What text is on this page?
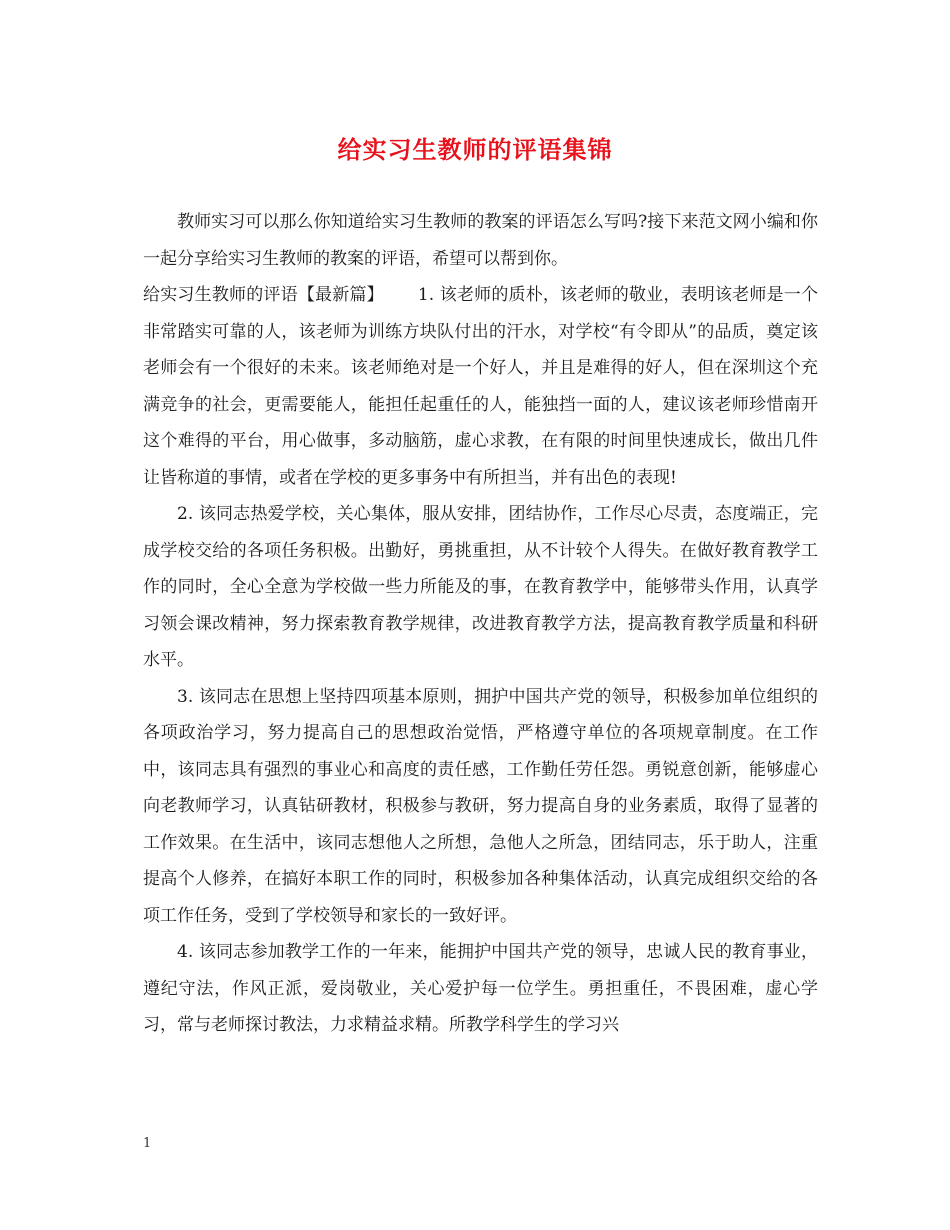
给实习生教师的评语集锦

教师实习可以那么你知道给实习生教师的教案的评语怎么写吗?接下来范文网小编和你一起分享给实习生教师的教案的评语，希望可以帮到你。

给实习生教师的评语【最新篇】   1. 该老师的质朴，该老师的敬业，表明该老师是一个非常踏实可靠的人，该老师为训练方块队付出的汗水，对学校“有令即从”的品质，奠定该老师会有一个很好的未来。该老师绝对是一个好人，并且是难得的好人，但在深圳这个充满竞争的社会，更需要能人，能担任起重任的人，能独挡一面的人，建议该老师珍惜南开这个难得的平台，用心做事，多动脑筋，虚心求教，在有限的时间里快速成长，做出几件让皆称道的事情，或者在学校的更多事务中有所担当，并有出色的表现!

2. 该同志热爱学校，关心集体，服从安排，团结协作，工作尽心尽责，态度端正，完成学校交给的各项任务积极。出勤好，勇挑重担，从不计较个人得失。在做好教育教学工作的同时，全心全意为学校做一些力所能及的事，在教育教学中，能够带头作用，认真学习领会课改精神，努力探索教育教学规律，改进教育教学方法，提高教育教学质量和科研水平。

3. 该同志在思想上坚持四项基本原则，拥护中国共产党的领导，积极参加单位组织的各项政治学习，努力提高自己的思想政治觉悟，严格遵守单位的各项规章制度。在工作中，该同志具有强烈的事业心和高度的责任感，工作勤任劳任怨。勇锐意创新，能够虚心向老教师学习，认真钻研教材，积极参与教研，努力提高自身的业务素质，取得了显著的工作效果。在生活中，该同志想他人之所想，急他人之所急，团结同志，乐于助人，注重提高个人修养，在搞好本职工作的同时，积极参加各种集体活动，认真完成组织交给的各项工作任务，受到了学校领导和家长的一致好评。

4. 该同志参加教学工作的一年来，能拥护中国共产党的领导，忠诚人民的教育事业，遵纪守法，作风正派，爱岗敬业，关心爱护每一位学生。勇担重任，不畏困难，虚心学习，常与老师探讨教法，力求精益求精。所教学科学生的学习兴

1
